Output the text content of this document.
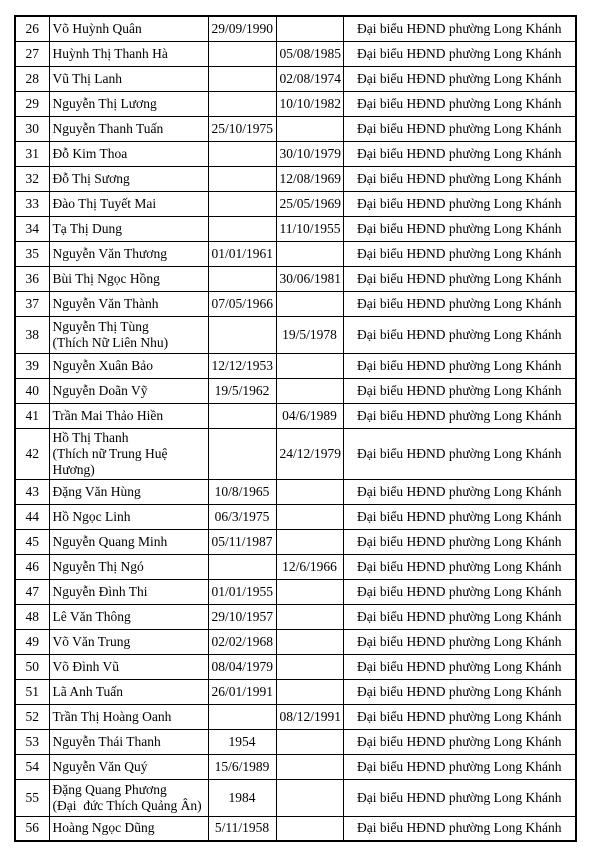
26	Võ Huỳnh Quân	29/09/1990		Đại biểu HĐND phường Long Khánh
27	Huỳnh Thị Thanh Hà		05/08/1985	Đại biểu HĐND phường Long Khánh
28	Vũ Thị Lanh		02/08/1974	Đại biểu HĐND phường Long Khánh
29	Nguyễn Thị Lương		10/10/1982	Đại biểu HĐND phường Long Khánh
30	Nguyễn Thanh Tuấn	25/10/1975		Đại biểu HĐND phường Long Khánh
31	Đỗ Kim Thoa		30/10/1979	Đại biểu HĐND phường Long Khánh
32	Đỗ Thị Sương		12/08/1969	Đại biểu HĐND phường Long Khánh
33	Đào Thị Tuyết Mai		25/05/1969	Đại biểu HĐND phường Long Khánh
34	Tạ Thị Dung		11/10/1955	Đại biểu HĐND phường Long Khánh
35	Nguyễn Văn Thương	01/01/1961		Đại biểu HĐND phường Long Khánh
36	Bùi Thị Ngọc Hồng		30/06/1981	Đại biểu HĐND phường Long Khánh
37	Nguyễn Văn Thành	07/05/1966		Đại biểu HĐND phường Long Khánh
38	Nguyễn Thị Tùng
(Thích Nữ Liên Nhu)		19/5/1978	Đại biểu HĐND phường Long Khánh
39	Nguyễn Xuân Bảo	12/12/1953		Đại biểu HĐND phường Long Khánh
40	Nguyễn Doãn Vỹ	19/5/1962		Đại biểu HĐND phường Long Khánh
41	Trần Mai Thảo Hiền		04/6/1989	Đại biểu HĐND phường Long Khánh
42	Hồ Thị Thanh
(Thích nữ Trung Huệ Hương)		24/12/1979	Đại biểu HĐND phường Long Khánh
43	Đặng Văn Hùng	10/8/1965		Đại biểu HĐND phường Long Khánh
44	Hồ Ngọc Linh	06/3/1975		Đại biểu HĐND phường Long Khánh
45	Nguyễn Quang Minh	05/11/1987		Đại biểu HĐND phường Long Khánh
46	Nguyễn Thị Ngó		12/6/1966	Đại biểu HĐND phường Long Khánh
47	Nguyễn Đình Thi	01/01/1955		Đại biểu HĐND phường Long Khánh
48	Lê Văn Thông	29/10/1957		Đại biểu HĐND phường Long Khánh
49	Võ Văn Trung	02/02/1968		Đại biểu HĐND phường Long Khánh
50	Võ Đình Vũ	08/04/1979		Đại biểu HĐND phường Long Khánh
51	Lã Anh Tuấn	26/01/1991		Đại biểu HĐND phường Long Khánh
52	Trần Thị Hoàng Oanh		08/12/1991	Đại biểu HĐND phường Long Khánh
53	Nguyễn Thái Thanh	1954		Đại biểu HĐND phường Long Khánh
54	Nguyễn Văn Quý	15/6/1989		Đại biểu HĐND phường Long Khánh
55	Đặng Quang Phương
(Đại  đức Thích Quảng Ân)	1984		Đại biểu HĐND phường Long Khánh
56	Hoàng Ngọc Dũng	5/11/1958		Đại biểu HĐND phường Long Khánh
